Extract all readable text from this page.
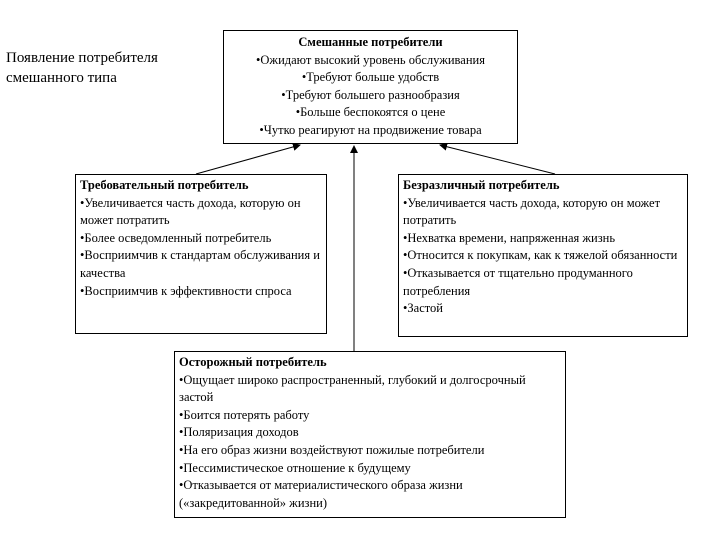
Появление потребителя смешанного типа
Смешанные потребители
• Ожидают высокий уровень обслуживания
• Требуют больше удобств
• Требуют большего разнообразия
• Больше беспокоятся о цене
• Чутко реагируют на продвижение товара
Требовательный потребитель
• Увеличивается часть дохода, которую он может потратить
• Более осведомленный потребитель
• Восприимчив к стандартам обслуживания и качества
• Восприимчив к эффективности спроса
Безразличный потребитель
• Увеличивается часть дохода, которую он может потратить
• Нехватка времени, напряженная жизнь
• Относится к покупкам, как к тяжелой обязанности
• Отказывается от тщательно продуманного потребления
• Застой
Осторожный потребитель
• Ощущает широко распространенный, глубокий и долгосрочный застой
• Боится потерять работу
• Поляризация доходов
• На его образ жизни воздействуют пожилые потребители
• Пессимистическое отношение к будущему
• Отказывается от материалистического образа жизни («закредитованной» жизни)
